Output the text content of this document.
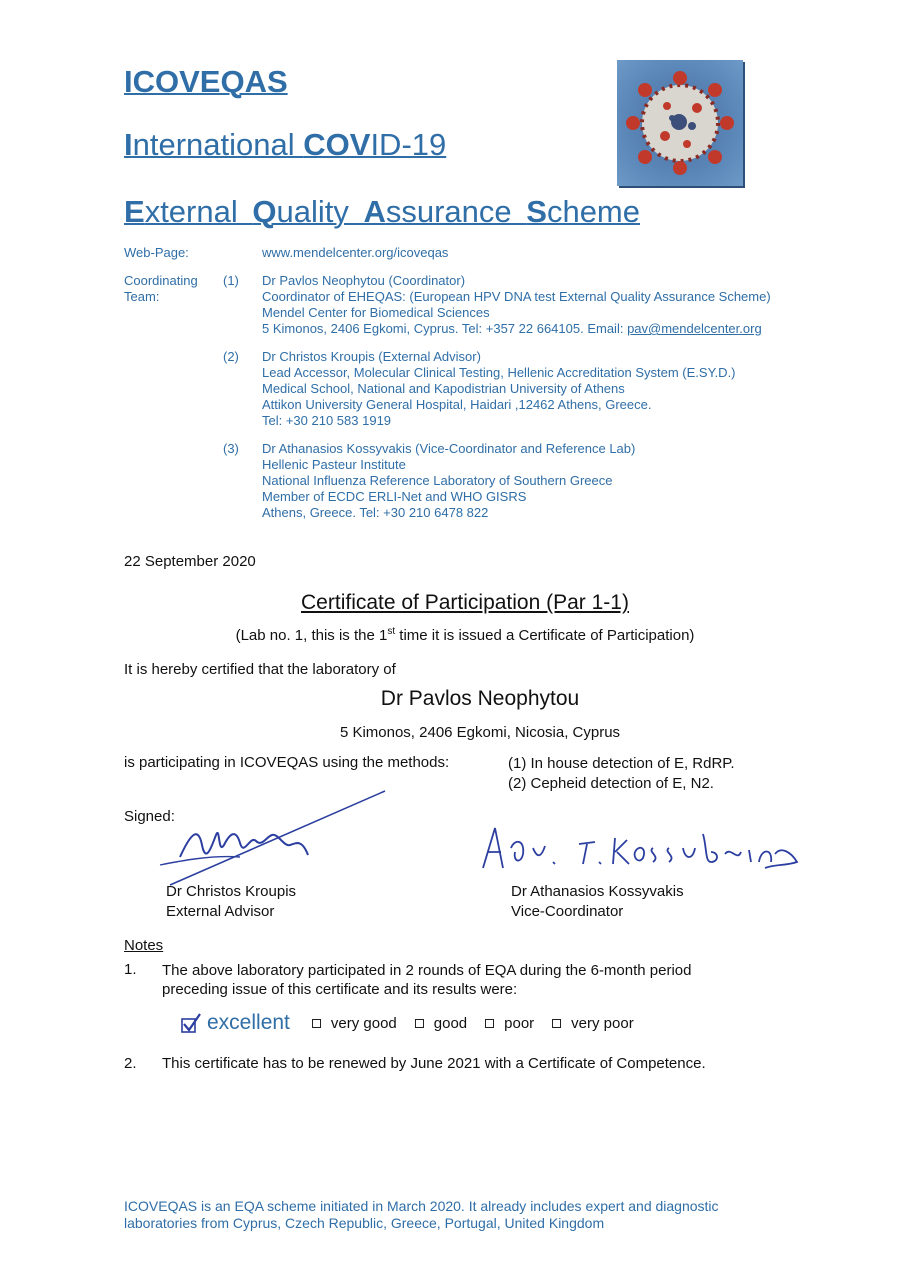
ICOVEQAS
International COVID-19
External Quality Assurance Scheme
Web-Page:	www.mendelcenter.org/icoveqas
Coordinating
Team:
(1) Dr Pavlos Neophytou (Coordinator)
Coordinator of EHEQAS: (European HPV DNA test External Quality Assurance Scheme)
Mendel Center for Biomedical Sciences
5 Kimonos, 2406 Egkomi, Cyprus. Tel: +357 22 664105. Email: pav@mendelcenter.org
(2) Dr Christos Kroupis (External Advisor)
Lead Accessor, Molecular Clinical Testing, Hellenic Accreditation System (E.SY.D.)
Medical School, National and Kapodistrian University of Athens
Attikon University General Hospital, Haidari ,12462 Athens, Greece.
Tel: +30 210 583 1919
(3) Dr Athanasios Kossyvakis (Vice-Coordinator and Reference Lab)
Hellenic Pasteur Institute
National Influenza Reference Laboratory of Southern Greece
Member of ECDC ERLI-Net and WHO GISRS
Athens, Greece. Tel: +30 210 6478 822
22 September 2020
Certificate of Participation (Par 1-1)
(Lab no. 1, this is the 1st time it is issued a Certificate of Participation)
It is hereby certified that the laboratory of
Dr Pavlos Neophytou
5 Kimonos, 2406 Egkomi, Nicosia, Cyprus
is participating in ICOVEQAS using the methods:	(1) In house detection of E, RdRP.
(2) Cepheid detection of E, N2.
Signed:
Dr Christos Kroupis
External Advisor
Dr Athanasios Kossyvakis
Vice-Coordinator
Notes
1. The above laboratory participated in 2 rounds of EQA during the 6-month period
preceding issue of this certificate and its results were:
excellent	very good good poor very poor
2. This certificate has to be renewed by June 2021 with a Certificate of Competence.
ICOVEQAS is an EQA scheme initiated in March 2020. It already includes expert and diagnostic
laboratories from Cyprus, Czech Republic, Greece, Portugal, United Kingdom
